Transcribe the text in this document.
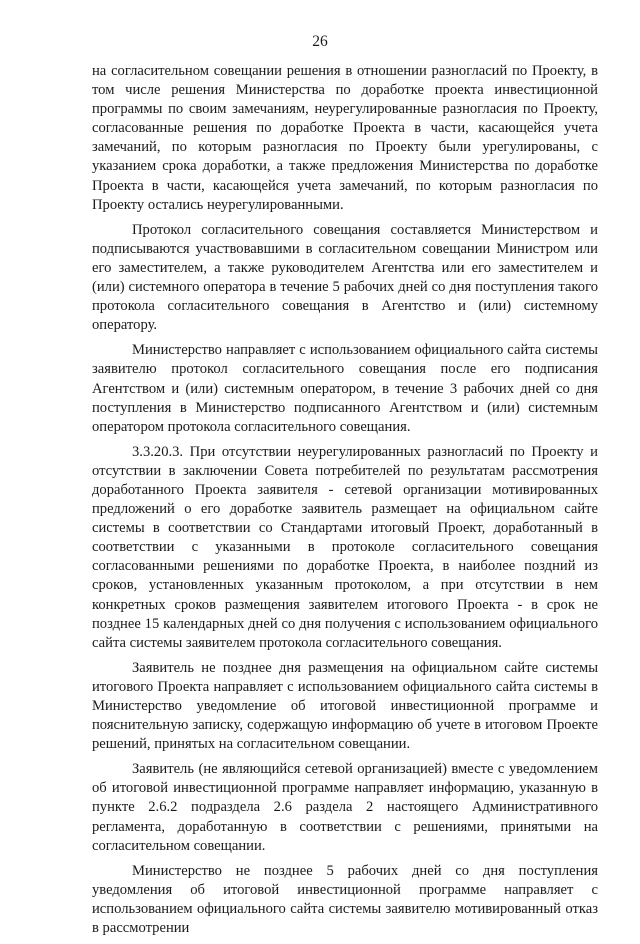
26

на согласительном совещании решения в отношении разногласий по Проекту, в том числе решения Министерства по доработке проекта инвестиционной программы по своим замечаниям, неурегулированные разногласия по Проекту, согласованные решения по доработке Проекта в части, касающейся учета замечаний, по которым разногласия по Проекту были урегулированы, с указанием срока доработки, а также предложения Министерства по доработке Проекта в части, касающейся учета замечаний, по которым разногласия по Проекту остались неурегулированными.

Протокол согласительного совещания составляется Министерством и подписываются участвовавшими в согласительном совещании Министром или его заместителем, а также руководителем Агентства или его заместителем и (или) системного оператора в течение 5 рабочих дней со дня поступления такого протокола согласительного совещания в Агентство и (или) системному оператору.

Министерство направляет с использованием официального сайта системы заявителю протокол согласительного совещания после его подписания Агентством и (или) системным оператором, в течение 3 рабочих дней со дня поступления в Министерство подписанного Агентством и (или) системным оператором протокола согласительного совещания.

3.3.20.3. При отсутствии неурегулированных разногласий по Проекту и отсутствии в заключении Совета потребителей по результатам рассмотрения доработанного Проекта заявителя - сетевой организации мотивированных предложений о его доработке заявитель размещает на официальном сайте системы в соответствии со Стандартами итоговый Проект, доработанный в соответствии с указанными в протоколе согласительного совещания согласованными решениями по доработке Проекта, в наиболее поздний из сроков, установленных указанным протоколом, а при отсутствии в нем конкретных сроков размещения заявителем итогового Проекта - в срок не позднее 15 календарных дней со дня получения с использованием официального сайта системы заявителем протокола согласительного совещания.

Заявитель не позднее дня размещения на официальном сайте системы итогового Проекта направляет с использованием официального сайта системы в Министерство уведомление об итоговой инвестиционной программе и пояснительную записку, содержащую информацию об учете в итоговом Проекте решений, принятых на согласительном совещании.

Заявитель (не являющийся сетевой организацией) вместе с уведомлением об итоговой инвестиционной программе направляет информацию, указанную в пункте 2.6.2 подраздела 2.6 раздела 2 настоящего Административного регламента, доработанную в соответствии с решениями, принятыми на согласительном совещании.

Министерство не позднее 5 рабочих дней со дня поступления уведомления об итоговой инвестиционной программе направляет с использованием официального сайта системы заявителю мотивированный отказ в рассмотрении
